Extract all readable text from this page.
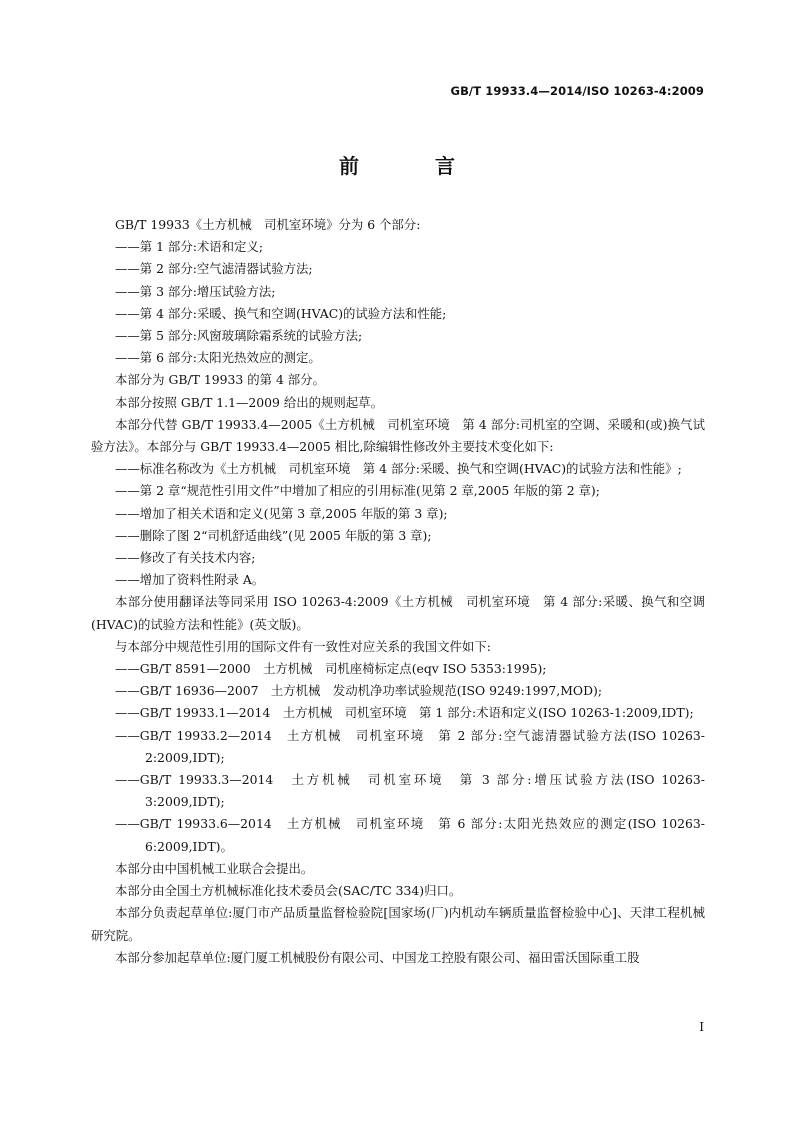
GB/T 19933.4—2014/ISO 10263-4:2009
前　言

GB/T 19933《土方机械　司机室环境》分为 6 个部分:

——第 1 部分:术语和定义;

——第 2 部分:空气滤清器试验方法;

——第 3 部分:增压试验方法;

——第 4 部分:采暖、换气和空调(HVAC)的试验方法和性能;

——第 5 部分:风窗玻璃除霜系统的试验方法;

——第 6 部分:太阳光热效应的测定。

本部分为 GB/T 19933 的第 4 部分。

本部分按照 GB/T 1.1—2009 给出的规则起草。

本部分代替 GB/T 19933.4—2005《土方机械　司机室环境　第 4 部分:司机室的空调、采暖和(或)换气试验方法》。本部分与 GB/T 19933.4—2005 相比,除编辑性修改外主要技术变化如下:

——标准名称改为《土方机械　司机室环境　第 4 部分:采暖、换气和空调(HVAC)的试验方法和性能》;

——第 2 章“规范性引用文件”中增加了相应的引用标准(见第 2 章,2005 年版的第 2 章);

——增加了相关术语和定义(见第 3 章,2005 年版的第 3 章);

——删除了图 2“司机舒适曲线”(见 2005 年版的第 3 章);

——修改了有关技术内容;

——增加了资料性附录 A。

本部分使用翻译法等同采用 ISO 10263-4:2009《土方机械　司机室环境　第 4 部分:采暖、换气和空调(HVAC)的试验方法和性能》(英文版)。

与本部分中规范性引用的国际文件有一致性对应关系的我国文件如下:

——GB/T 8591—2000　土方机械　司机座椅标定点(eqv ISO 5353:1995);

——GB/T 16936—2007　土方机械　发动机净功率试验规范(ISO 9249:1997,MOD);

——GB/T 19933.1—2014　土方机械　司机室环境　第 1 部分:术语和定义(ISO 10263-1:2009,IDT);

——GB/T 19933.2—2014　土方机械　司机室环境　第 2 部分:空气滤清器试验方法(ISO 10263-2:2009,IDT);

——GB/T 19933.3—2014　土方机械　司机室环境　第 3 部分:增压试验方法(ISO 10263-3:2009,IDT);

——GB/T 19933.6—2014　土方机械　司机室环境　第 6 部分:太阳光热效应的测定(ISO 10263-6:2009,IDT)。

本部分由中国机械工业联合会提出。

本部分由全国土方机械标准化技术委员会(SAC/TC 334)归口。

本部分负责起草单位:厦门市产品质量监督检验院[国家场(厂)内机动车辆质量监督检验中心]、天津工程机械研究院。

本部分参加起草单位:厦门厦工机械股份有限公司、中国龙工控股有限公司、福田雷沃国际重工股

I
